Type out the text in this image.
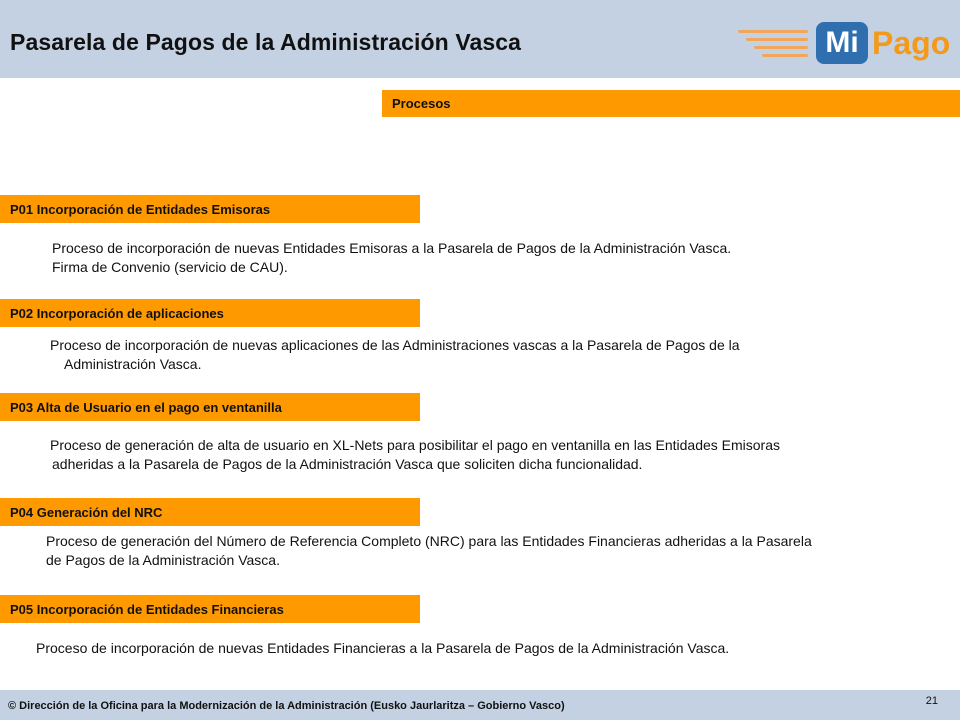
Pasarela de Pagos de la Administración Vasca	Mi Pago
Procesos
P01 Incorporación de Entidades Emisoras
Proceso de incorporación de nuevas Entidades Emisoras a la Pasarela de Pagos de la Administración Vasca.
Firma de Convenio (servicio de CAU).
P02 Incorporación de aplicaciones
Proceso de incorporación de nuevas aplicaciones de las Administraciones vascas a la Pasarela de Pagos de la
Administración Vasca.
P03 Alta de Usuario en el pago en ventanilla
Proceso de generación de alta de usuario en XL-Nets para posibilitar el pago en ventanilla en las Entidades Emisoras
adheridas a la Pasarela de Pagos de la Administración Vasca que soliciten dicha funcionalidad.
P04 Generación del NRC
Proceso de generación del Número de Referencia Completo (NRC) para las Entidades Financieras adheridas a la Pasarela
de Pagos de la Administración Vasca.
P05 Incorporación de Entidades Financieras
Proceso de incorporación de nuevas Entidades Financieras a la Pasarela de Pagos de la Administración Vasca.
© Dirección de la Oficina para la Modernización de la Administración (Eusko Jaurlaritza – Gobierno Vasco)	21
